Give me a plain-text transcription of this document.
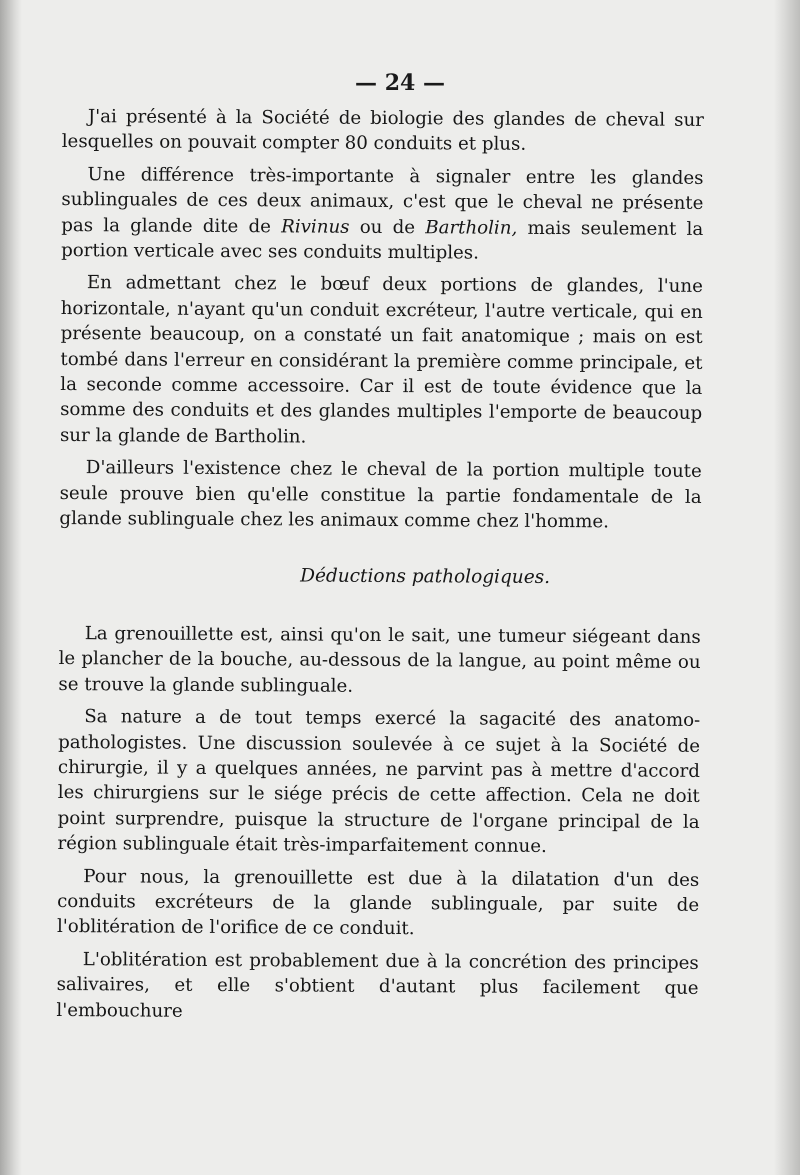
— 24 —

J'ai présenté à la Société de biologie des glandes de cheval sur lesquelles on pouvait compter 80 conduits et plus.

Une différence très-importante à signaler entre les glandes sublinguales de ces deux animaux, c'est que le cheval ne présente pas la glande dite de Rivinus ou de Bartholin, mais seulement la portion verticale avec ses conduits multiples.

En admettant chez le bœuf deux portions de glandes, l'une horizontale, n'ayant qu'un conduit excréteur, l'autre verticale, qui en présente beaucoup, on a constaté un fait anatomique ; mais on est tombé dans l'erreur en considérant la première comme principale, et la seconde comme accessoire. Car il est de toute évidence que la somme des conduits et des glandes multiples l'emporte de beaucoup sur la glande de Bartholin.

D'ailleurs l'existence chez le cheval de la portion multiple toute seule prouve bien qu'elle constitue la partie fondamentale de la glande sublinguale chez les animaux comme chez l'homme.

Déductions pathologiques.

La grenouillette est, ainsi qu'on le sait, une tumeur siégeant dans le plancher de la bouche, au-dessous de la langue, au point même ou se trouve la glande sublinguale.

Sa nature a de tout temps exercé la sagacité des anatomo-pathologistes. Une discussion soulevée à ce sujet à la Société de chirurgie, il y a quelques années, ne parvint pas à mettre d'accord les chirurgiens sur le siége précis de cette affection. Cela ne doit point surprendre, puisque la structure de l'organe principal de la région sublinguale était très-imparfaitement connue.

Pour nous, la grenouillette est due à la dilatation d'un des conduits excréteurs de la glande sublinguale, par suite de l'oblitération de l'orifice de ce conduit.

L'oblitération est probablement due à la concrétion des principes salivaires, et elle s'obtient d'autant plus facilement que l'embouchure
